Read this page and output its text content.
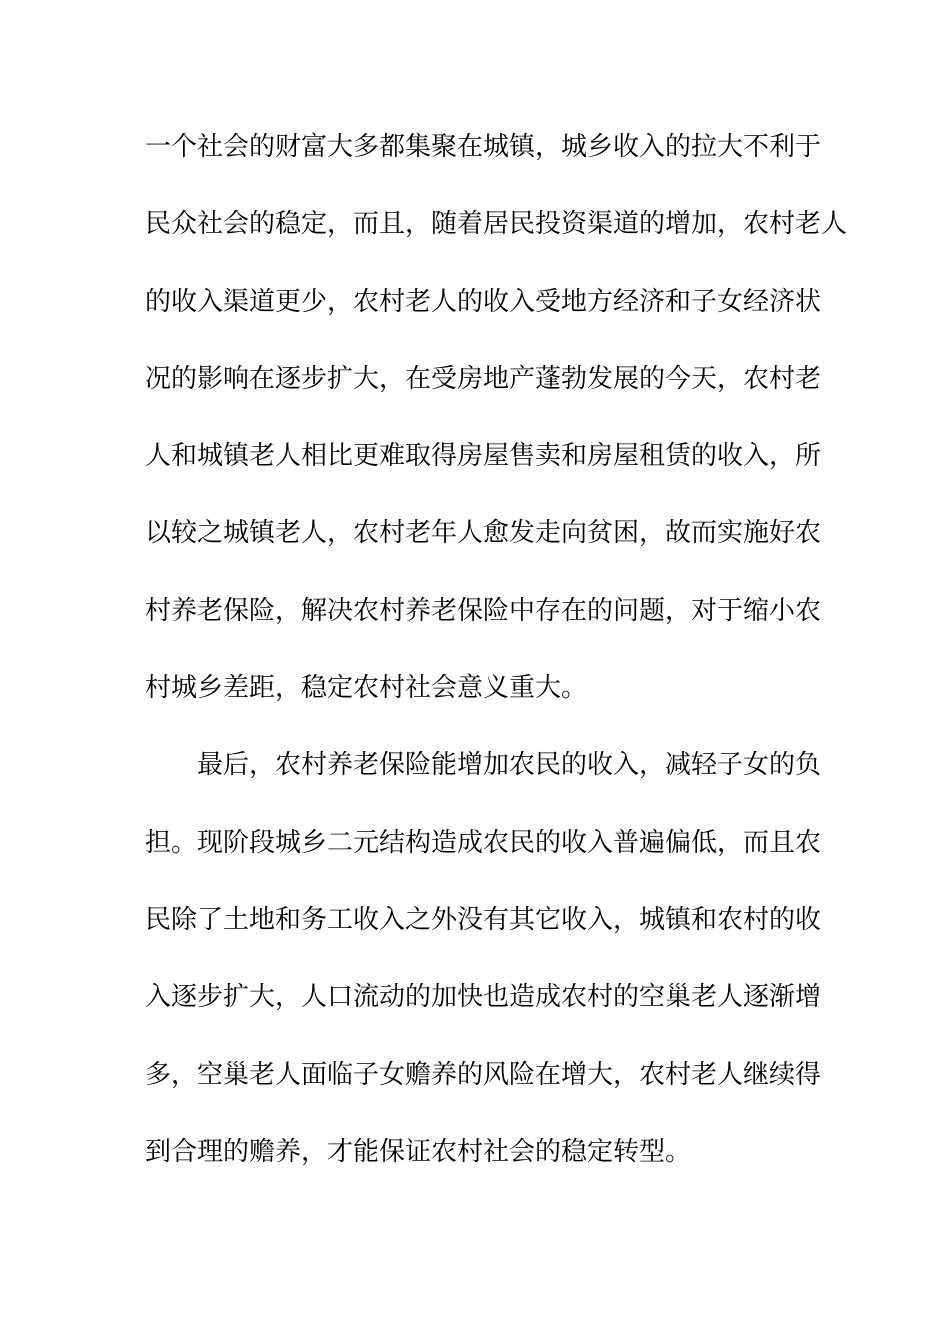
一个社会的财富大多都集聚在城镇，城乡收入的拉大不利于
民众社会的稳定，而且，随着居民投资渠道的增加，农村老人
的收入渠道更少，农村老人的收入受地方经济和子女经济状
况的影响在逐步扩大，在受房地产蓬勃发展的今天，农村老
人和城镇老人相比更难取得房屋售卖和房屋租赁的收入，所
以较之城镇老人，农村老年人愈发走向贫困，故而实施好农
村养老保险，解决农村养老保险中存在的问题，对于缩小农
村城乡差距，稳定农村社会意义重大。
最后，农村养老保险能增加农民的收入，减轻子女的负
担。现阶段城乡二元结构造成农民的收入普遍偏低，而且农
民除了土地和务工收入之外没有其它收入，城镇和农村的收
入逐步扩大，人口流动的加快也造成农村的空巢老人逐渐增
多，空巢老人面临子女赡养的风险在增大，农村老人继续得
到合理的赡养，才能保证农村社会的稳定转型。
